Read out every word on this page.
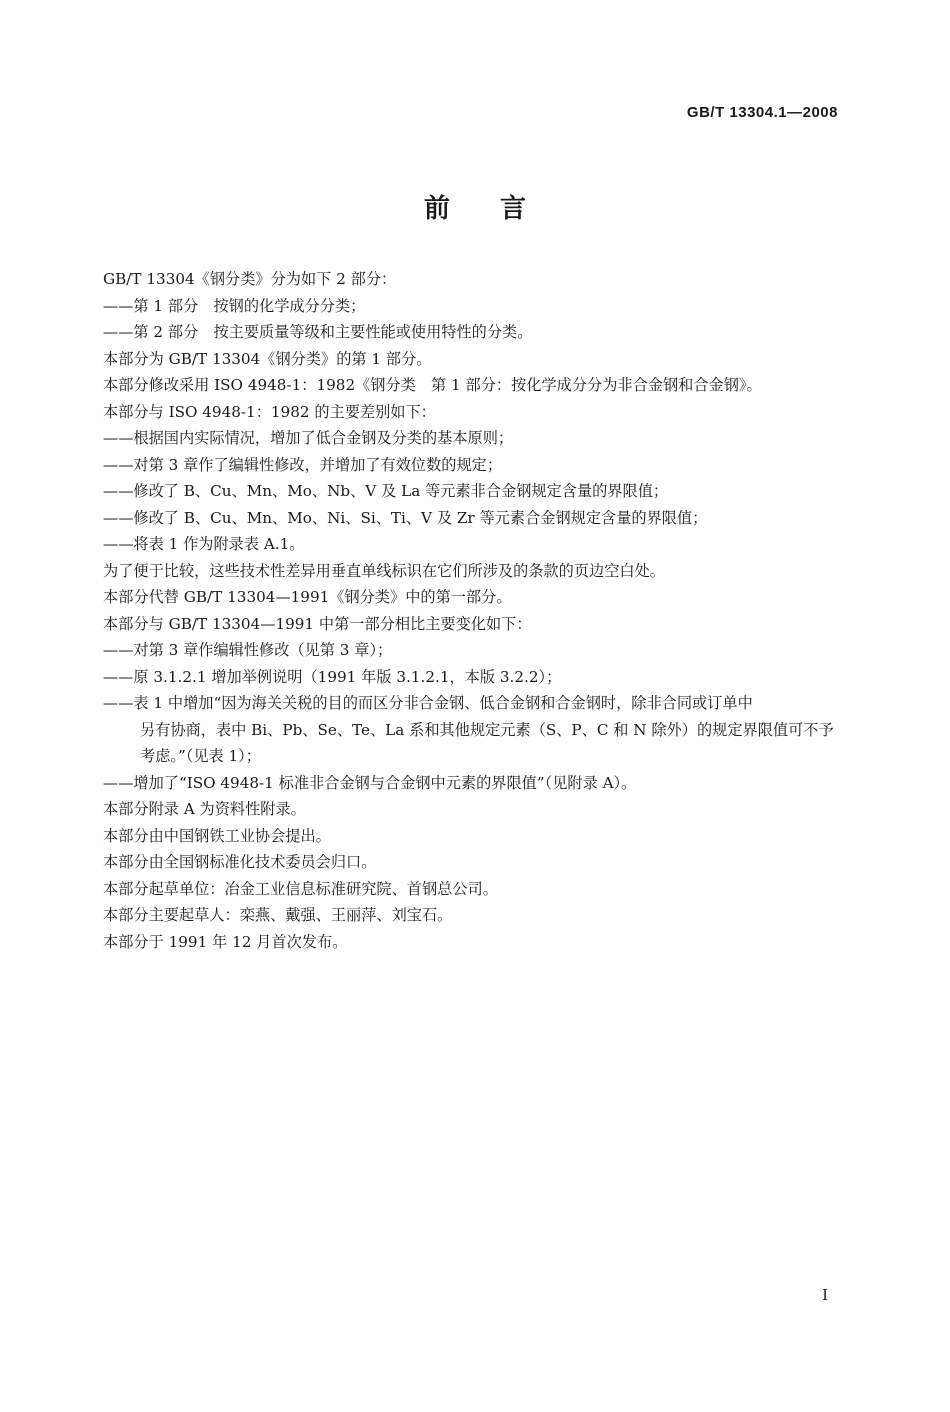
GB/T 13304.1—2008
前言
GB/T 13304《钢分类》分为如下 2 部分：
——第 1 部分　按钢的化学成分分类；
——第 2 部分　按主要质量等级和主要性能或使用特性的分类。
本部分为 GB/T 13304《钢分类》的第 1 部分。
本部分修改采用 ISO 4948-1：1982《钢分类　第 1 部分：按化学成分分为非合金钢和合金钢》。
本部分与 ISO 4948-1：1982 的主要差别如下：
——根据国内实际情况，增加了低合金钢及分类的基本原则；
——对第 3 章作了编辑性修改，并增加了有效位数的规定；
——修改了 B、Cu、Mn、Mo、Nb、V 及 La 等元素非合金钢规定含量的界限值；
——修改了 B、Cu、Mn、Mo、Ni、Si、Ti、V 及 Zr 等元素合金钢规定含量的界限值；
——将表 1 作为附录表 A.1。
为了便于比较，这些技术性差异用垂直单线标识在它们所涉及的条款的页边空白处。
本部分代替 GB/T 13304—1991《钢分类》中的第一部分。
本部分与 GB/T 13304—1991 中第一部分相比主要变化如下：
——对第 3 章作编辑性修改（见第 3 章）；
——原 3.1.2.1 增加举例说明（1991 年版 3.1.2.1，本版 3.2.2）；
——表 1 中增加“因为海关关税的目的而区分非合金钢、低合金钢和合金钢时，除非合同或订单中
另有协商，表中 Bi、Pb、Se、Te、La 系和其他规定元素（S、P、C 和 N 除外）的规定界限值可不予
考虑。”（见表 1）；
——增加了“ISO 4948-1 标准非合金钢与合金钢中元素的界限值”（见附录 A）。
本部分附录 A 为资料性附录。
本部分由中国钢铁工业协会提出。
本部分由全国钢标准化技术委员会归口。
本部分起草单位：冶金工业信息标准研究院、首钢总公司。
本部分主要起草人：栾燕、戴强、王丽萍、刘宝石。
本部分于 1991 年 12 月首次发布。
I
